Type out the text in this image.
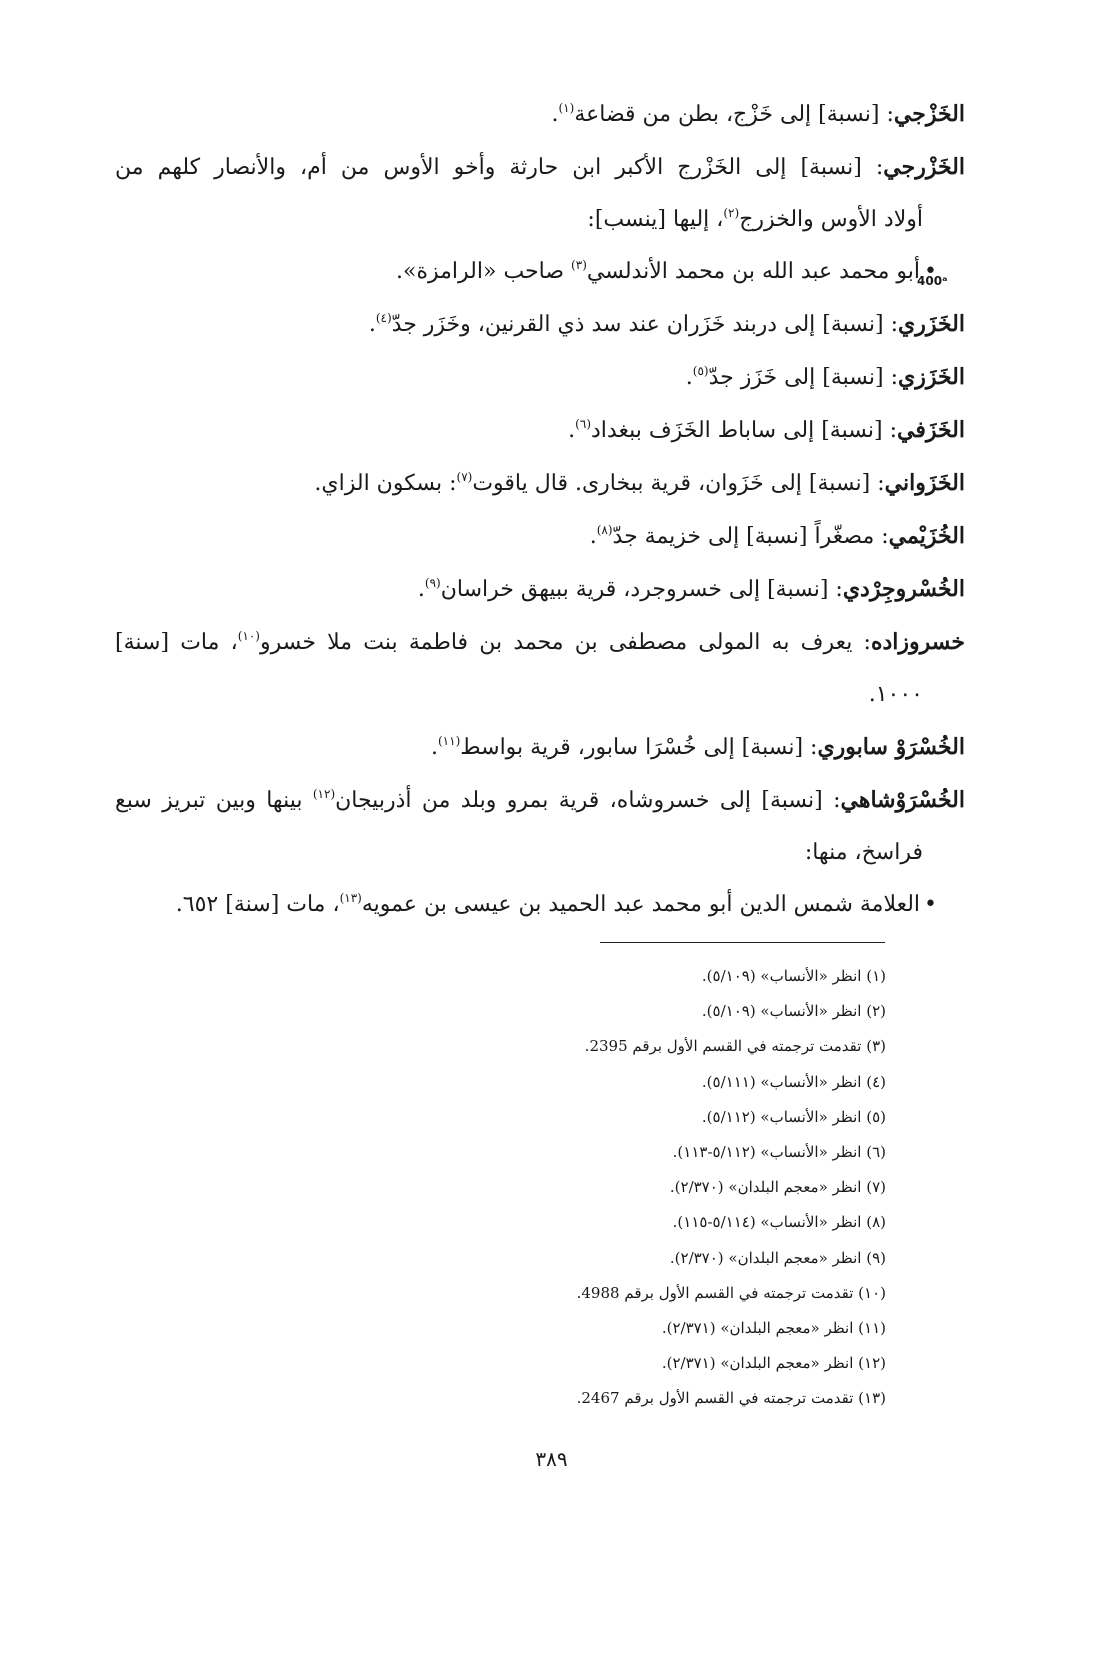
400ᵃ
الخَزْجي: [نسبة] إلى خَزْج، بطن من قضاعة$^{(١)}$.
الخَزْرجي: [نسبة] إلى الخَزْرج الأكبر ابن حارثة وأخو الأوس من أم، والأنصار كلهم من
أولاد الأوس والخزرج$^{(٢)}$، إليها [ينسب]:
• أبو محمد عبد الله بن محمد الأندلسي$^{(٣)}$ صاحب «الرامزة».
الخَزَري: [نسبة] إلى دربند خَزَران عند سد ذي القرنين، وخَزَر جدّ$^{(٤)}$.
الخَزَزي: [نسبة] إلى خَزَز جدّ$^{(٥)}$.
الخَزَفي: [نسبة] إلى ساباط الخَزَف ببغداد$^{(٦)}$.
الخَزَواني: [نسبة] إلى خَزَوان، قرية ببخارى. قال ياقوت$^{(٧)}$: بسكون الزاي.
الخُزَيْمي: مصغّراً [نسبة] إلى خزيمة جدّ$^{(٨)}$.
الخُسْروجِرْدي: [نسبة] إلى خسروجرد، قرية ببيهق خراسان$^{(٩)}$.
خسروزاده: يعرف به المولى مصطفى بن محمد بن فاطمة بنت ملا خسرو$^{(١٠)}$، مات [سنة]
١٠٠٠.
الخُسْرَوْ سابوري: [نسبة] إلى خُسْرَا سابور، قرية بواسط$^{(١١)}$.
الخُسْرَوْشاهي: [نسبة] إلى خسروشاه، قرية بمرو وبلد من أذربيجان$^{(١٢)}$ بينها وبين تبريز سبع
فراسخ، منها:
• العلامة شمس الدين أبو محمد عبد الحميد بن عيسى بن عمويه$^{(١٣)}$، مات [سنة] ٦٥٢.
(١) انظر «الأنساب» (٥/١٠٩).
(٢) انظر «الأنساب» (٥/١٠٩).
(٣) تقدمت ترجمته في القسم الأول برقم 2395.
(٤) انظر «الأنساب» (٥/١١١).
(٥) انظر «الأنساب» (٥/١١٢).
(٦) انظر «الأنساب» (٥/١١٢-١١٣).
(٧) انظر «معجم البلدان» (٢/٣٧٠).
(٨) انظر «الأنساب» (٥/١١٤-١١٥).
(٩) انظر «معجم البلدان» (٢/٣٧٠).
(١٠) تقدمت ترجمته في القسم الأول برقم 4988.
(١١) انظر «معجم البلدان» (٢/٣٧١).
(١٢) انظر «معجم البلدان» (٢/٣٧١).
(١٣) تقدمت ترجمته في القسم الأول برقم 2467.
٣٨٩
